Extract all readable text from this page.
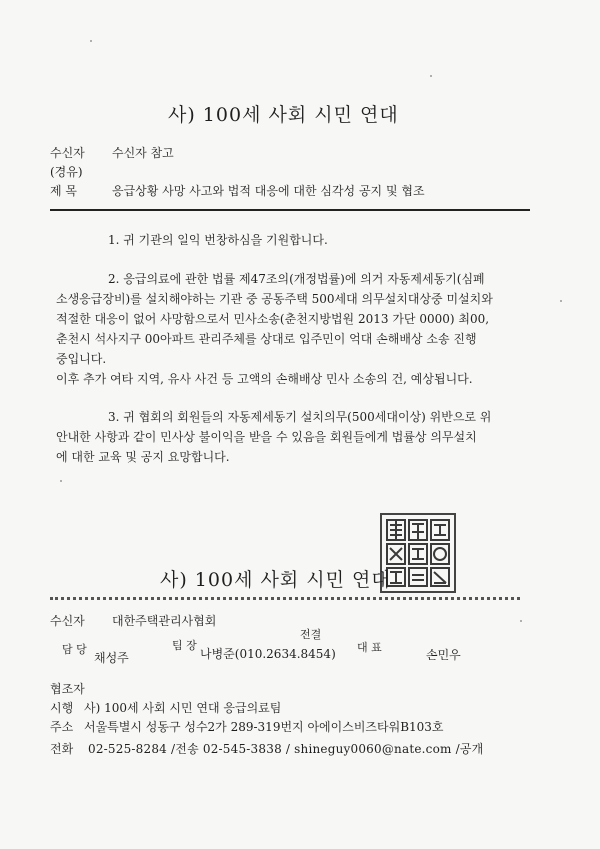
사) 100세 사회 시민 연대
수신자 수신자 참고
(경유)
제 목	응급상황 사망 사고와 법적 대응에 대한 심각성 공지 및 협조
1. 귀 기관의 일익 번창하심을 기원합니다.
2. 응급의료에 관한 법률 제47조의(개정법률)에 의거 자동제세동기(심폐
소생응급장비)를 설치해야하는 기관 중 공동주택 500세대 의무설치대상중 미설치와
적절한 대응이 없어 사망함으로서 민사소송(춘천지방법원 2013 가단 0000) 최00,
춘천시 석사지구 00아파트 관리주체를 상대로 입주민이 억대 손해배상 소송 진행
중입니다.
이후 추가 여타 지역, 유사 사건 등 고액의 손해배상 민사 소송의 건, 예상됩니다.
3. 귀 협회의 회원들의 자동제세동기 설치의무(500세대이상) 위반으로 위
안내한 사항과 같이 민사상 불이익을 받을 수 있음을 회원들에게 법률상 의무설치
에 대한 교육 및 공지 요망합니다.
사) 100세 사회 시민 연대
수신자 대한주택관리사협회
담 당
채성주
팀 장
나병준(010.2634.8454)
전결
대 표
손민우
협조자
시행 사) 100세 사회 시민 연대 응급의료팀
주소 서울특별시 성동구 성수2가 289-319번지 아에이스비즈타워B103호
전화 02-525-8284 /전송 02-545-3838 / shineguy0060@nate.com /공개
